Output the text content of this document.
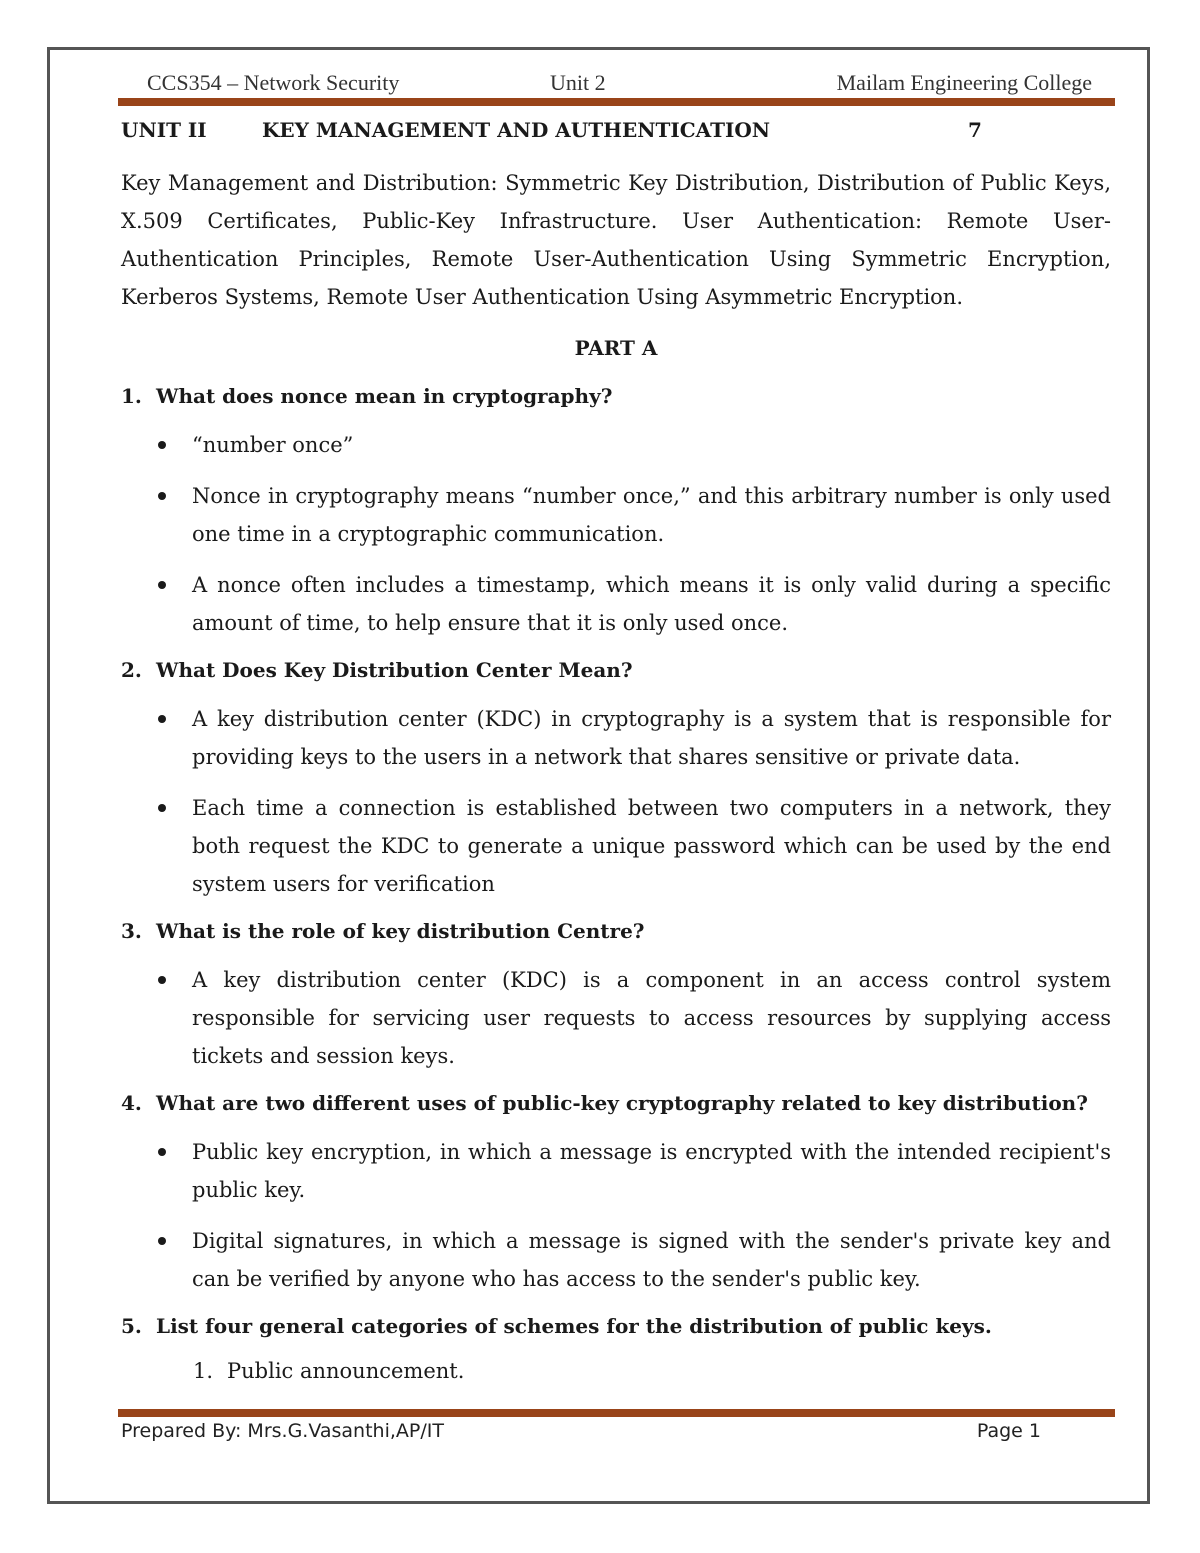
CCS354 – Network Security	Unit 2	Mailam Engineering College
UNIT II	KEY MANAGEMENT AND AUTHENTICATION	7

Key Management and Distribution: Symmetric Key Distribution, Distribution of Public Keys, X.509 Certificates, Public-Key Infrastructure. User Authentication: Remote User-Authentication Principles, Remote User-Authentication Using Symmetric Encryption, Kerberos Systems, Remote User Authentication Using Asymmetric Encryption.

PART A
1. What does nonce mean in cryptography?
“number once”
Nonce in cryptography means “number once,” and this arbitrary number is only used one time in a cryptographic communication.
A nonce often includes a timestamp, which means it is only valid during a specific amount of time, to help ensure that it is only used once.
2. What Does Key Distribution Center Mean?
A key distribution center (KDC) in cryptography is a system that is responsible for providing keys to the users in a network that shares sensitive or private data.
Each time a connection is established between two computers in a network, they both request the KDC to generate a unique password which can be used by the end system users for verification
3. What is the role of key distribution Centre?
A key distribution center (KDC) is a component in an access control system responsible for servicing user requests to access resources by supplying access tickets and session keys.
4. What are two different uses of public-key cryptography related to key distribution?
Public key encryption, in which a message is encrypted with the intended recipient's public key.
Digital signatures, in which a message is signed with the sender's private key and can be verified by anyone who has access to the sender's public key.
5. List four general categories of schemes for the distribution of public keys.
1. Public announcement.
Prepared By: Mrs.G.Vasanthi,AP/IT	Page 1
